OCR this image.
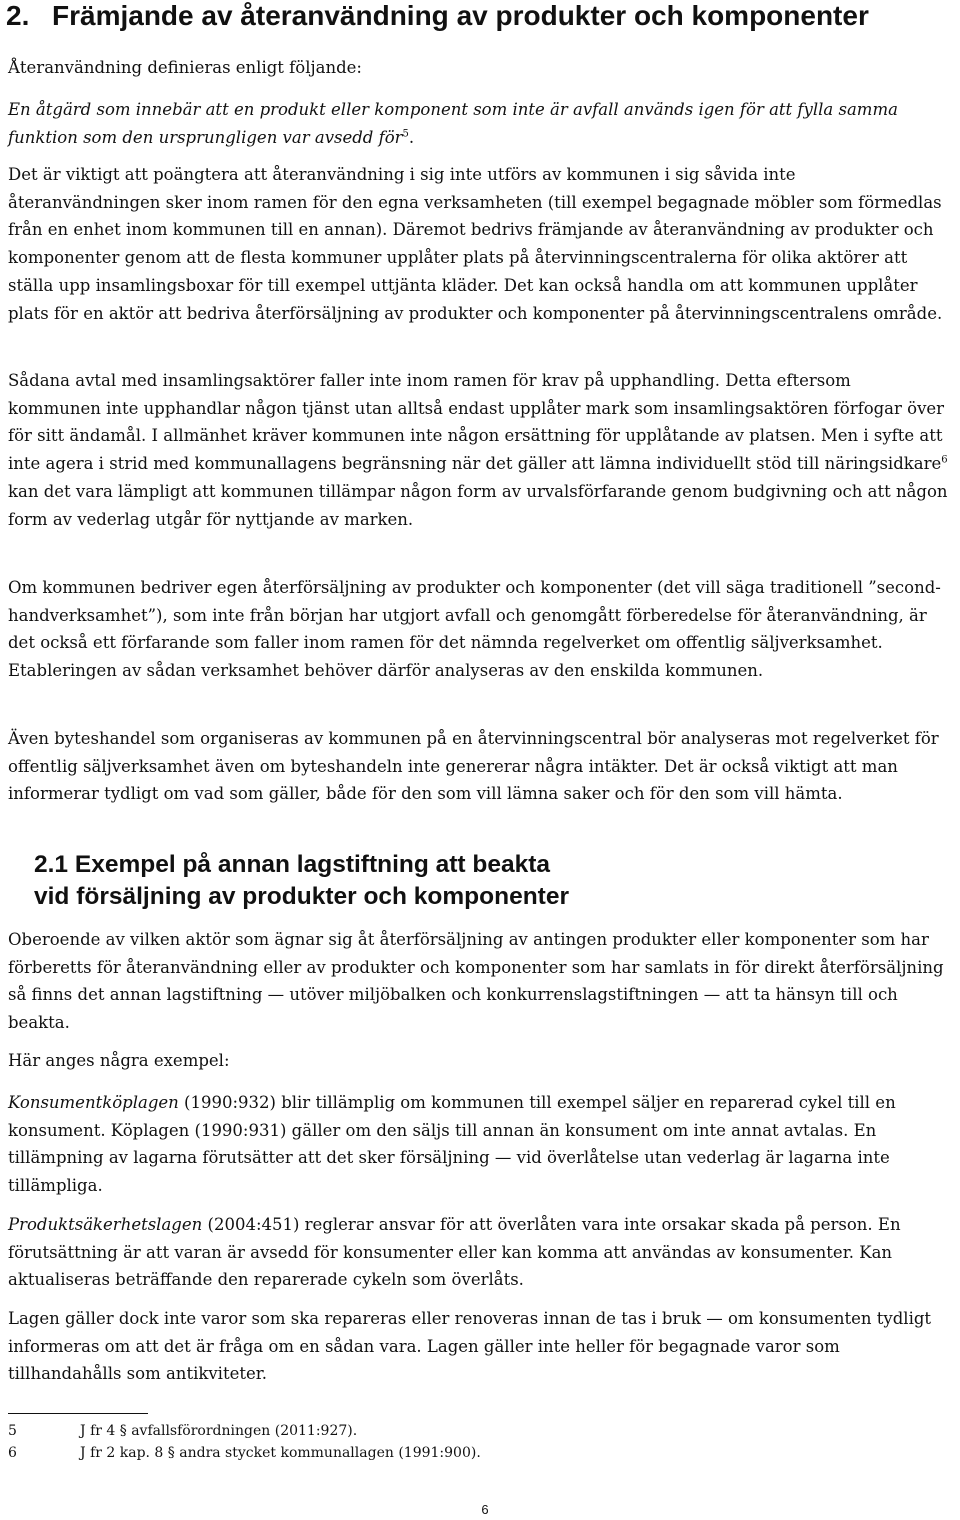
2. Främjande av återanvändning av produkter och komponenter

Återanvändning definieras enligt följande:

En åtgärd som innebär att en produkt eller komponent som inte är avfall används igen för att fylla samma funktion som den ursprungligen var avsedd för$^5$.

Det är viktigt att poängtera att återanvändning i sig inte utförs av kommunen i sig såvida inte återanvändningen sker inom ramen för den egna verksamheten (till exempel begagnade möbler som förmedlas från en enhet inom kommunen till en annan). Däremot bedrivs främjande av återanvändning av produkter och komponenter genom att de flesta kommuner upplåter plats på återvinningscentralerna för olika aktörer att ställa upp insamlingsboxar för till exempel uttjänta kläder. Det kan också handla om att kommunen upplåter plats för en aktör att bedriva återförsäljning av produkter och komponenter på återvinningscentralens område.

Sådana avtal med insamlingsaktörer faller inte inom ramen för krav på upphandling. Detta eftersom kommunen inte upphandlar någon tjänst utan alltså endast upplåter mark som insamlingsaktören förfogar över för sitt ändamål. I allmänhet kräver kommunen inte någon ersättning för upplåtande av platsen. Men i syfte att inte agera i strid med kommunallagens begränsning när det gäller att lämna individuellt stöd till näringsidkare$^6$ kan det vara lämpligt att kommunen tillämpar någon form av urvalsförfarande genom budgivning och att någon form av vederlag utgår för nyttjande av marken.

Om kommunen bedriver egen återförsäljning av produkter och komponenter (det vill säga traditionell ”second-handverksamhet”), som inte från början har utgjort avfall och genomgått förberedelse för återanvändning, är det också ett förfarande som faller inom ramen för det nämnda regelverket om offentlig säljverksamhet. Etableringen av sådan verksamhet behöver därför analyseras av den enskilda kommunen.

Även byteshandel som organiseras av kommunen på en återvinningscentral bör analyseras mot regelverket för offentlig säljverksamhet även om byteshandeln inte genererar några intäkter. Det är också viktigt att man informerar tydligt om vad som gäller, både för den som vill lämna saker och för den som vill hämta.

2.1 Exempel på annan lagstiftning att beakta
vid försäljning av produkter och komponenter

Oberoende av vilken aktör som ägnar sig åt återförsäljning av antingen produkter eller komponenter som har förberetts för återanvändning eller av produkter och komponenter som har samlats in för direkt återförsäljning så finns det annan lagstiftning — utöver miljöbalken och konkurrenslagstiftningen — att ta hänsyn till och beakta.

Här anges några exempel:

Konsumentköplagen (1990:932) blir tillämplig om kommunen till exempel säljer en reparerad cykel till en konsument. Köplagen (1990:931) gäller om den säljs till annan än konsument om inte annat avtalas. En tillämpning av lagarna förutsätter att det sker försäljning — vid överlåtelse utan vederlag är lagarna inte tillämpliga.

Produktsäkerhetslagen (2004:451) reglerar ansvar för att överlåten vara inte orsakar skada på person. En förutsättning är att varan är avsedd för konsumenter eller kan komma att användas av konsumenter. Kan aktualiseras beträffande den reparerade cykeln som överlåts.

Lagen gäller dock inte varor som ska repareras eller renoveras innan de tas i bruk — om konsumenten tydligt informeras om att det är fråga om en sådan vara. Lagen gäller inte heller för begagnade varor som tillhandahålls som antikviteter.

5	J fr 4 § avfallsförordningen (2011:927).

6	J fr 2 kap. 8 § andra stycket kommunallagen (1991:900).

6
